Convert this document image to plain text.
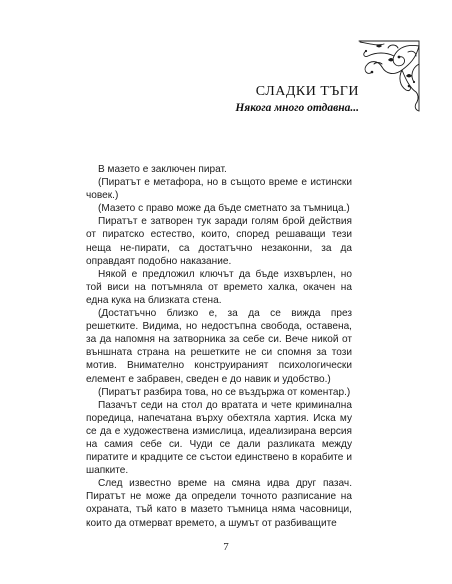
СЛАДКИ ТЪГИ
Някога много отдавна...

В мазето е заключен пират.

(Пиратът е метафора, но в същото време е истински човек.)

(Мазето с право може да бъде сметнато за тъмница.)

Пиратът е затворен тук заради голям брой действия от пиратско естество, които, според решаващи тези неща не-пирати, са достатъчно незаконни, за да оправдаят подобно наказание.

Някой е предложил ключът да бъде изхвърлен, но той виси на потъмняла от времето халка, окачен на една кука на близката стена.

(Достатъчно близко е, за да се вижда през решетките. Видима, но недостъпна свобода, оставена, за да напомня на затворника за себе си. Вече никой от външната страна на решетките не си спомня за този мотив. Внимателно конструираният психологически елемент е забравен, сведен е до навик и удобство.)

(Пиратът разбира това, но се въздържа от коментар.)

Пазачът седи на стол до вратата и чете криминална поредица, напечатана върху обехтяла хартия. Иска му се да е художествена измислица, идеализирана версия на самия себе си. Чуди се дали разликата между пиратите и крадците се състои единствено в корабите и шапките.

След известно време на смяна идва друг пазач. Пиратът не може да определи точното разписание на охраната, тъй като в мазето тъмница няма часовници, които да отмерват времето, а шумът от разбиващите

7
